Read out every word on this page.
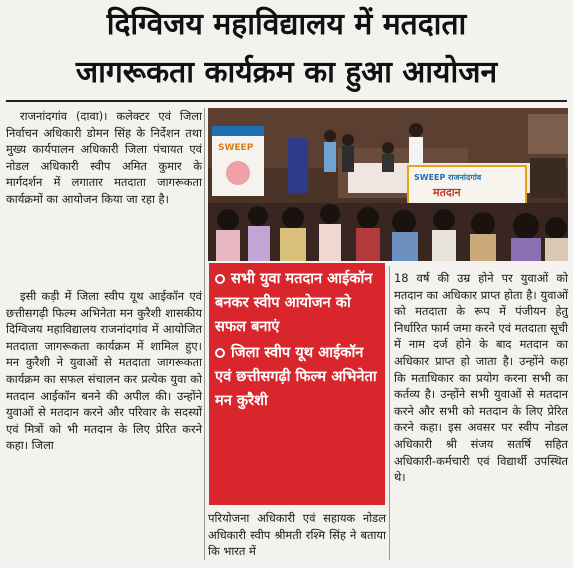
दिग्विजय महाविद्यालय में मतदाता
जागरूकता कार्यक्रम का हुआ आयोजन

राजनांदगांव (दावा)। कलेक्टर एवं जिला निर्वाचन अधिकारी डोमन सिंह के निर्देशन तथा मुख्य कार्यपालन अधिकारी जिला पंचायत एवं नोडल अधिकारी स्वीप अमित कुमार के मार्गदर्शन में लगातार मतदाता जागरूकता कार्यक्रमों का आयोजन किया जा रहा है।

इसी कड़ी में जिला स्वीप यूथ आईकॉन एवं छत्तीसगढ़ी फिल्म अभिनेता मन कुरैशी शासकीय दिग्विजय महाविद्यालय राजनांदगांव में आयोजित मतदाता जागरूकता कार्यक्रम में शामिल हुए। मन कुरैशी ने युवाओं से मतदाता जागरूकता कार्यक्रम का सफल संचालन कर प्रत्येक युवा को मतदान आईकॉन बनने की अपील की। उन्होंने युवाओं से मतदान करने और परिवार के सदस्यों एवं मित्रों को भी मतदान के लिए प्रेरित करने कहा। जिला

SWEEP
SWEEP राजनांदगांव
मतदान
सभी युवा मतदान आईकॉन बनकर स्वीप आयोजन को सफल बनाएं
जिला स्वीप यूथ आईकॉन एवं छत्तीसगढ़ी फिल्म अभिनेता मन कुरैशी

परियोजना अधिकारी एवं सहायक नोडल अधिकारी स्वीप श्रीमती रश्मि सिंह ने बताया कि भारत में

18 वर्ष की उम्र होने पर युवाओं को मतदान का अधिकार प्राप्त होता है। युवाओं को मतदाता के रूप में पंजीयन हेतु निर्धारित फार्म जमा करने एवं मतदाता सूची में नाम दर्ज होने के बाद मतदान का अधिकार प्राप्त हो जाता है। उन्होंने कहा कि मताधिकार का प्रयोग करना सभी का कर्तव्य है। उन्होंने सभी युवाओं से मतदान करने और सभी को मतदान के लिए प्रेरित करने कहा। इस अवसर पर स्वीप नोडल अधिकारी श्री संजय सतर्षि सहित अधिकारी-कर्मचारी एवं विद्यार्थी उपस्थित थे।
